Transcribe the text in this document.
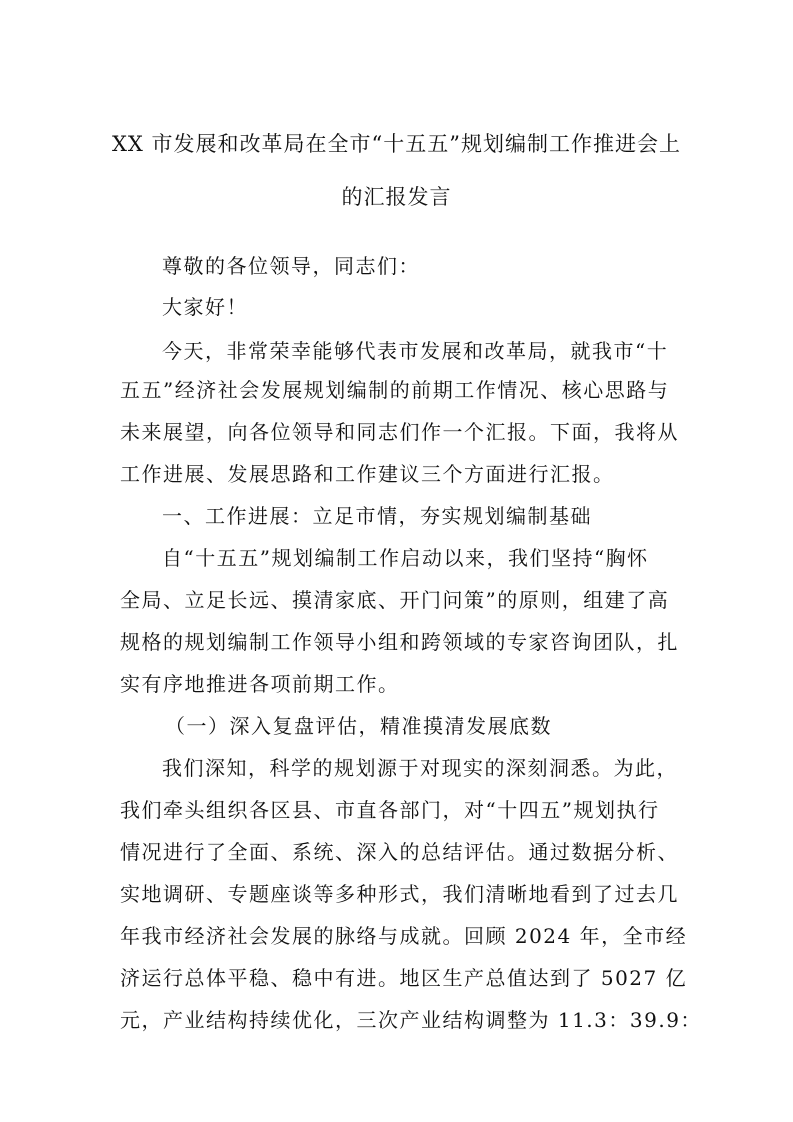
XX 市发展和改革局在全市“十五五”规划编制工作推进会上
的汇报发言
尊敬的各位领导，同志们：
大家好！
今天，非常荣幸能够代表市发展和改革局，就我市“十
五五”经济社会发展规划编制的前期工作情况、核心思路与
未来展望，向各位领导和同志们作一个汇报。下面，我将从
工作进展、发展思路和工作建议三个方面进行汇报。
一、工作进展：立足市情，夯实规划编制基础
自“十五五”规划编制工作启动以来，我们坚持“胸怀
全局、立足长远、摸清家底、开门问策”的原则，组建了高
规格的规划编制工作领导小组和跨领域的专家咨询团队，扎
实有序地推进各项前期工作。
（一）深入复盘评估，精准摸清发展底数
我们深知，科学的规划源于对现实的深刻洞悉。为此，
我们牵头组织各区县、市直各部门，对“十四五”规划执行
情况进行了全面、系统、深入的总结评估。通过数据分析、
实地调研、专题座谈等多种形式，我们清晰地看到了过去几
年我市经济社会发展的脉络与成就。回顾 2024 年，全市经
济运行总体平稳、稳中有进。地区生产总值达到了 5027 亿
元，产业结构持续优化，三次产业结构调整为 11.3：39.9：
